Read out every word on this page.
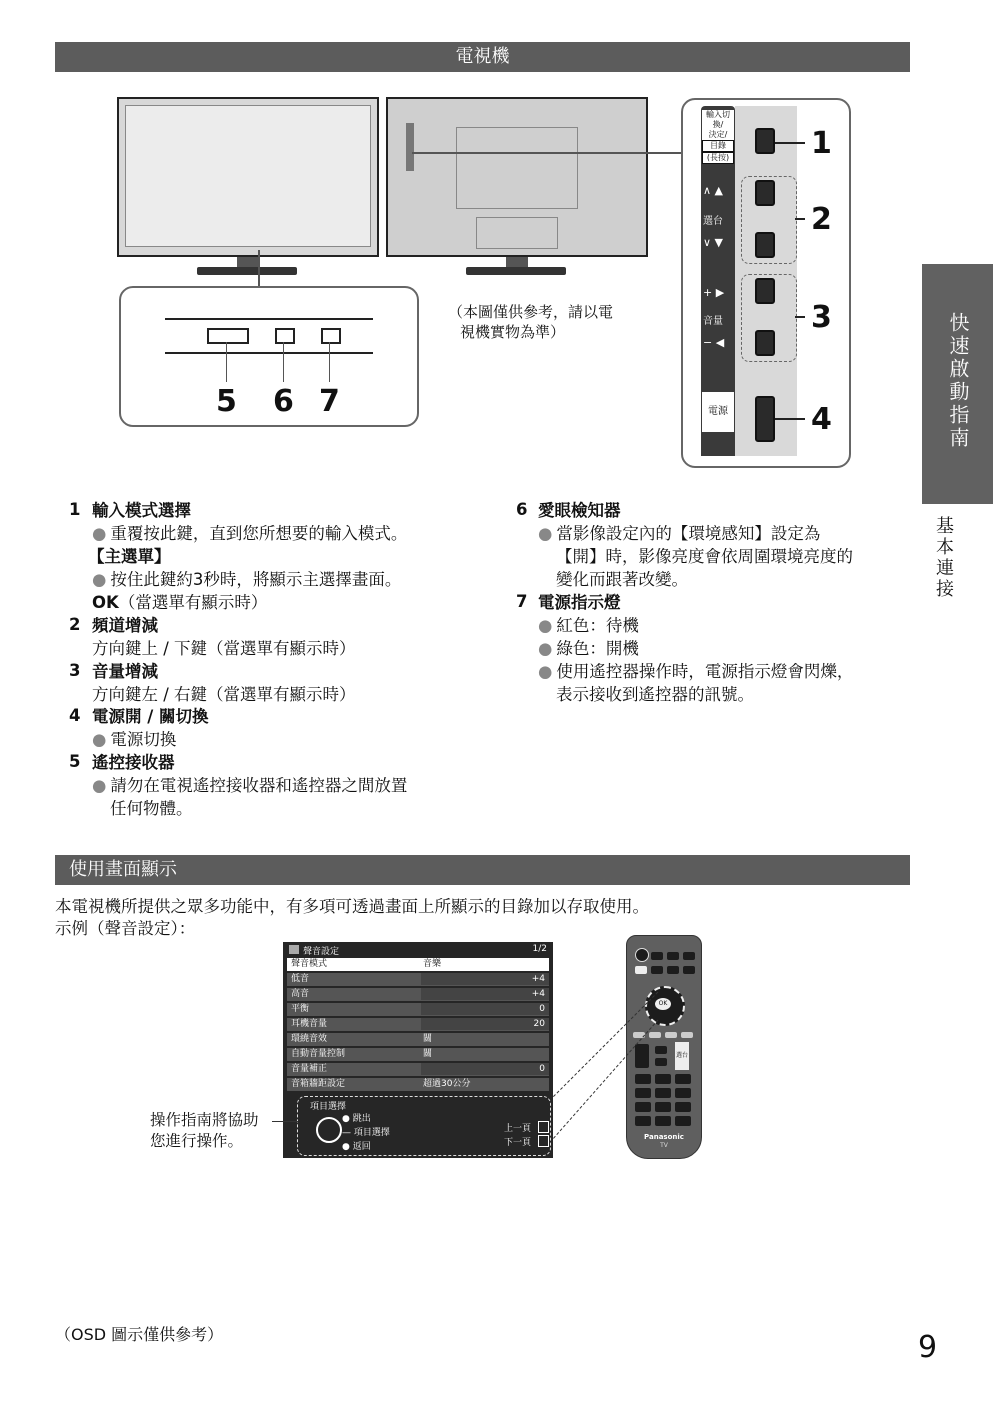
電視機
5 6 7
（本圖僅供參考，請以電
視機實物為準）
輸入切換/
決定/
目錄
(長按)
∧ ▲
選台
∨ ▼
+ ▶
音量
− ◀
電源
1
2
3
4	快速啟動指南
基本連接
1 輸入模式選擇
● 重覆按此鍵，直到您所想要的輸入模式。
【主選單】
● 按住此鍵約3秒時，將顯示主選擇畫面。
OK（當選單有顯示時）
2 頻道增減
方向鍵上 / 下鍵（當選單有顯示時）
3 音量增減
方向鍵左 / 右鍵（當選單有顯示時）
4 電源開 / 關切換
● 電源切換
5 遙控接收器
● 請勿在電視遙控接收器和遙控器之間放置
任何物體。
6 愛眼檢知器
● 當影像設定內的【環境感知】設定為
【開】時，影像亮度會依周圍環境亮度的
變化而跟著改變。
7 電源指示燈
● 紅色：待機
● 綠色：開機
● 使用遙控器操作時，電源指示燈會閃爍，
表示接收到遙控器的訊號。
使用畫面顯示
本電視機所提供之眾多功能中，有多項可透過畫面上所顯示的目錄加以存取使用。
示例（聲音設定）：
聲音設定	1/2
聲音模式	音樂
低音	+4
高音	+4
平衡	0
耳機音量	20
環繞音效	關
自動音量控制	關
音量補正	0
音箱牆距設定	超過30公分
項目選擇
● 跳出
— 項目選擇
● 返回
上一頁
下一頁
操作指南將協助
您進行操作。
OK
選台
Panasonic
TV
（OSD 圖示僅供參考）	9
